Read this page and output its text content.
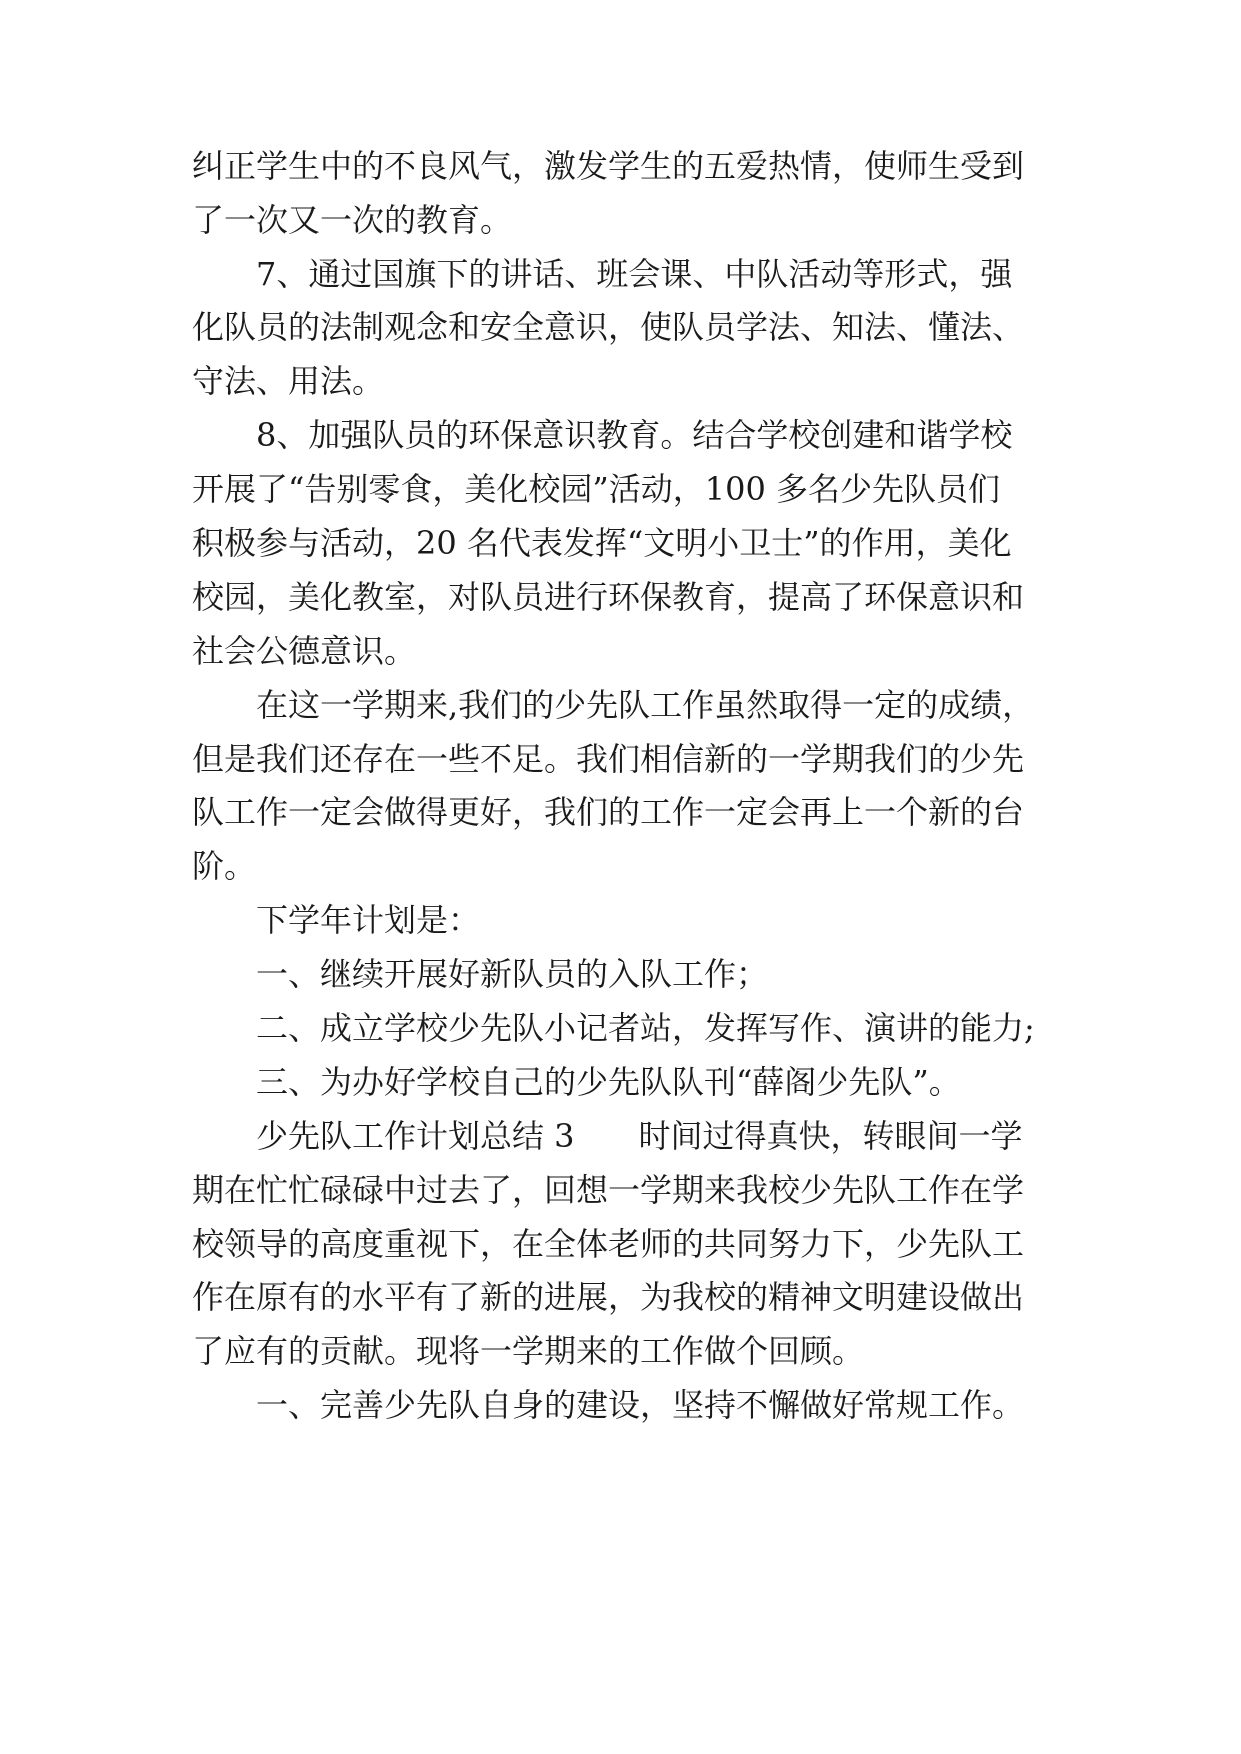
纠正学生中的不良风气，激发学生的五爱热情，使师生受到
了一次又一次的教育。
7、通过国旗下的讲话、班会课、中队活动等形式，强
化队员的法制观念和安全意识，使队员学法、知法、懂法、
守法、用法。
8、加强队员的环保意识教育。结合学校创建和谐学校
开展了“告别零食，美化校园”活动，100 多名少先队员们
积极参与活动，20 名代表发挥“文明小卫士”的作用，美化
校园，美化教室，对队员进行环保教育，提高了环保意识和
社会公德意识。
在这一学期来,我们的少先队工作虽然取得一定的成绩，
但是我们还存在一些不足。我们相信新的一学期我们的少先
队工作一定会做得更好，我们的工作一定会再上一个新的台
阶。
下学年计划是：
一、继续开展好新队员的入队工作；
二、成立学校少先队小记者站，发挥写作、演讲的能力;
三、为办好学校自己的少先队队刊“薛阁少先队”。
少先队工作计划总结 3　　时间过得真快，转眼间一学
期在忙忙碌碌中过去了，回想一学期来我校少先队工作在学
校领导的高度重视下，在全体老师的共同努力下，少先队工
作在原有的水平有了新的进展，为我校的精神文明建设做出
了应有的贡献。现将一学期来的工作做个回顾。
一、完善少先队自身的建设，坚持不懈做好常规工作。
